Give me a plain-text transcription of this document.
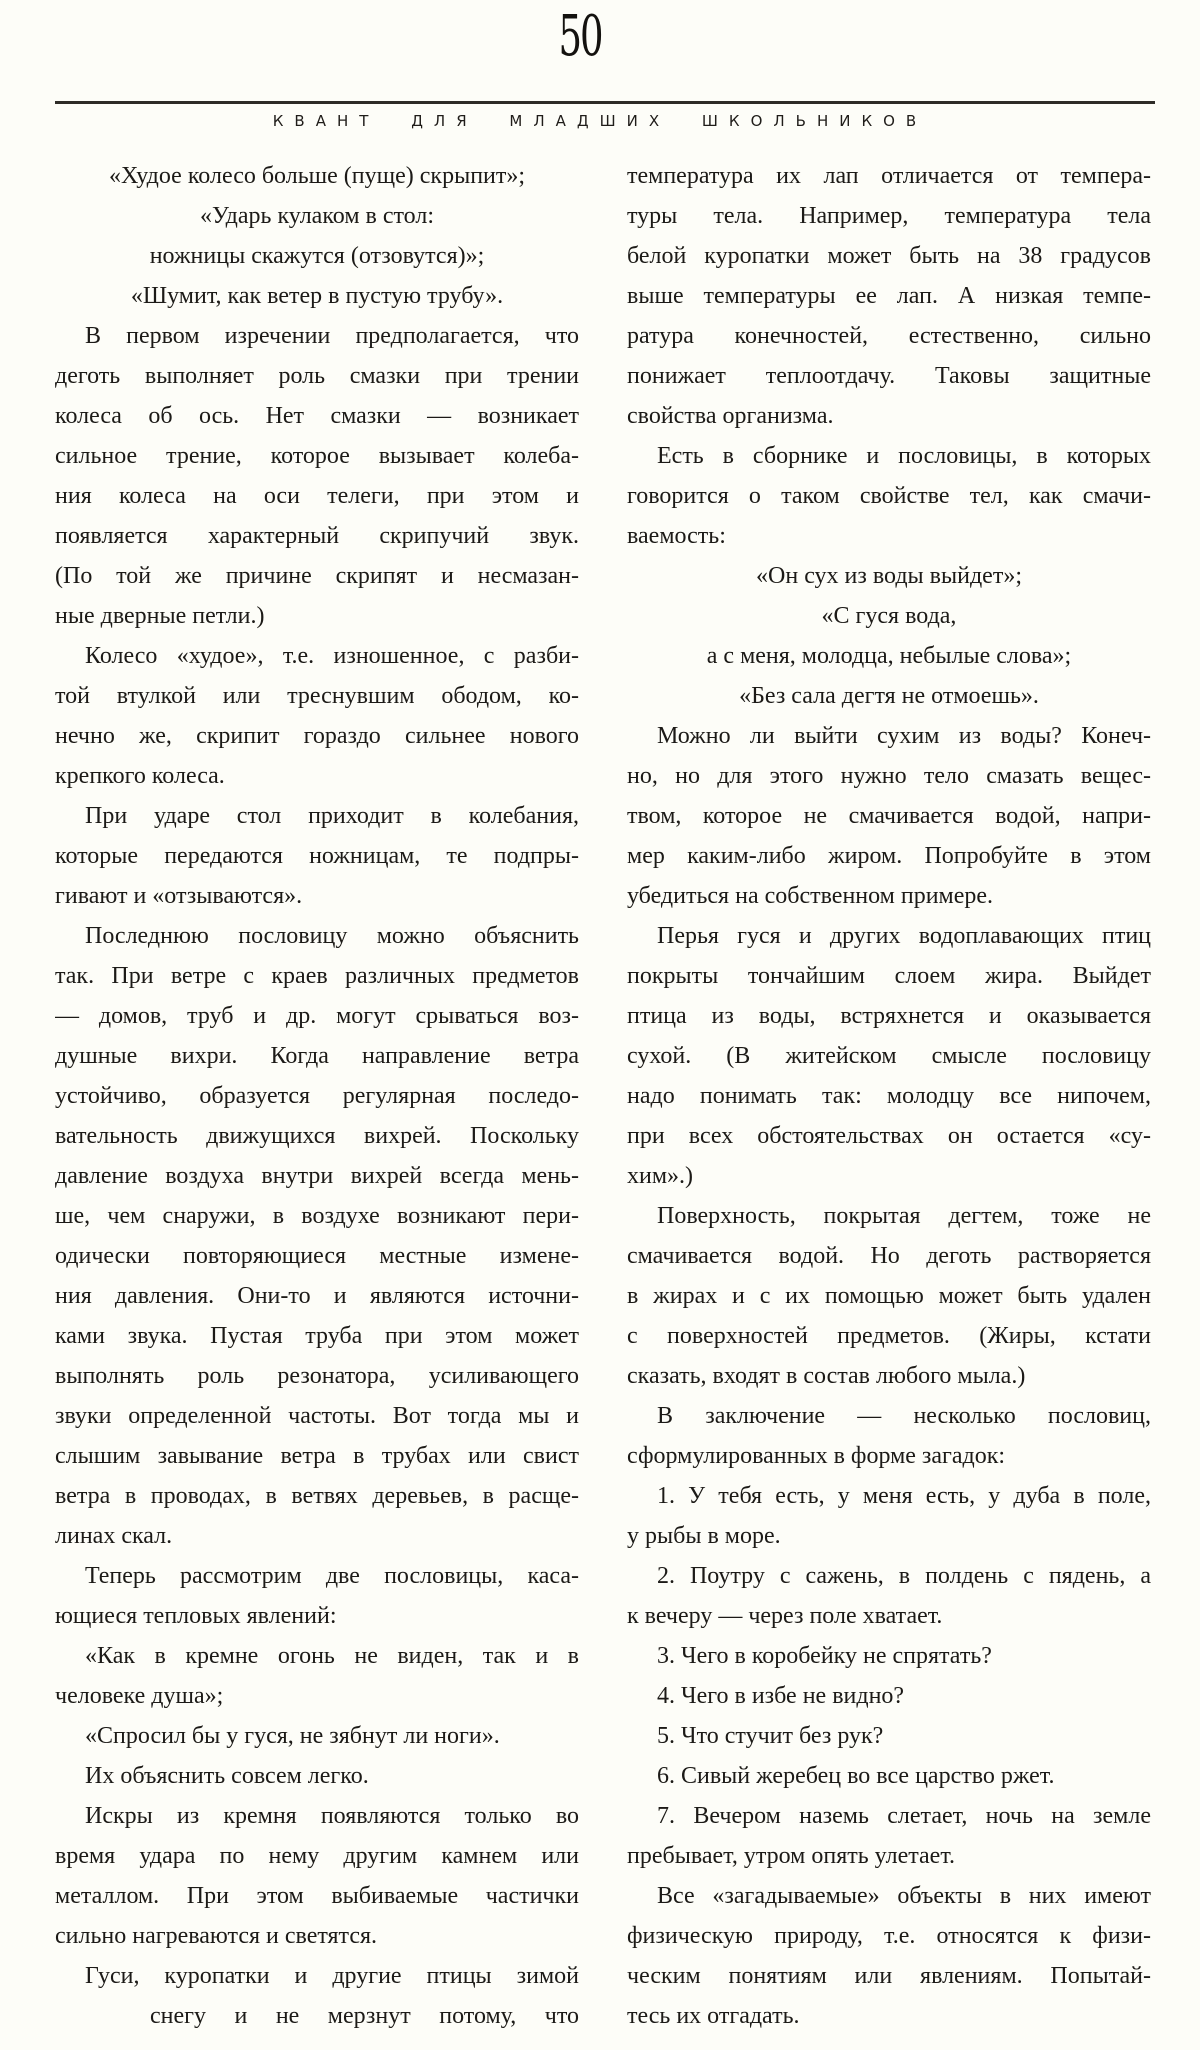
50
КВАНТ ДЛЯ МЛАДШИХ ШКОЛЬНИКОВ
«Худое колесо больше (пуще) скрыпит»;
«Ударь кулаком в стол:
ножницы скажутся (отзовутся)»;
«Шумит, как ветер в пустую трубу».
В первом изречении предполагается, что
деготь выполняет роль смазки при трении
колеса об ось. Нет смазки — возникает
сильное трение, которое вызывает колеба-
ния колеса на оси телеги, при этом и
появляется характерный скрипучий звук.
(По той же причине скрипят и несмазан-
ные дверные петли.)
Колесо «худое», т.е. изношенное, с разби-
той втулкой или треснувшим ободом, ко-
нечно же, скрипит гораздо сильнее нового
крепкого колеса.
При ударе стол приходит в колебания,
которые передаются ножницам, те подпры-
гивают и «отзываются».
Последнюю пословицу можно объяснить
так. При ветре с краев различных предметов
— домов, труб и др. могут срываться воз-
душные вихри. Когда направление ветра
устойчиво, образуется регулярная последо-
вательность движущихся вихрей. Поскольку
давление воздуха внутри вихрей всегда мень-
ше, чем снаружи, в воздухе возникают пери-
одически повторяющиеся местные измене-
ния давления. Они-то и являются источни-
ками звука. Пустая труба при этом может
выполнять роль резонатора, усиливающего
звуки определенной частоты. Вот тогда мы и
слышим завывание ветра в трубах или свист
ветра в проводах, в ветвях деревьев, в расще-
линах скал.
Теперь рассмотрим две пословицы, каса-
ющиеся тепловых явлений:
«Как в кремне огонь не виден, так и в
человеке душа»;
«Спросил бы у гуся, не зябнут ли ноги».
Их объяснить совсем легко.
Искры из кремня появляются только во
время удара по нему другим камнем или
металлом. При этом выбиваемые частички
сильно нагреваются и светятся.
Гуси, куропатки и другие птицы зимой
снегу и не мерзнут потому, что
температура их лап отличается от темпера-
туры тела. Например, температура тела
белой куропатки может быть на 38 градусов
выше температуры ее лап. А низкая темпе-
ратура конечностей, естественно, сильно
понижает теплоотдачу. Таковы защитные
свойства организма.
Есть в сборнике и пословицы, в которых
говорится о таком свойстве тел, как смачи-
ваемость:
«Он сух из воды выйдет»;
«С гуся вода,
а с меня, молодца, небылые слова»;
«Без сала дегтя не отмоешь».
Можно ли выйти сухим из воды? Конеч-
но, но для этого нужно тело смазать вещес-
твом, которое не смачивается водой, напри-
мер каким-либо жиром. Попробуйте в этом
убедиться на собственном примере.
Перья гуся и других водоплавающих птиц
покрыты тончайшим слоем жира. Выйдет
птица из воды, встряхнется и оказывается
сухой. (В житейском смысле пословицу
надо понимать так: молодцу все нипочем,
при всех обстоятельствах он остается «су-
хим».)
Поверхность, покрытая дегтем, тоже не
смачивается водой. Но деготь растворяется
в жирах и с их помощью может быть удален
с поверхностей предметов. (Жиры, кстати
сказать, входят в состав любого мыла.)
В заключение — несколько пословиц,
сформулированных в форме загадок:
1. У тебя есть, у меня есть, у дуба в поле,
у рыбы в море.
2. Поутру с сажень, в полдень с пядень, а
к вечеру — через поле хватает.
3. Чего в коробейку не спрятать?
4. Чего в избе не видно?
5. Что стучит без рук?
6. Сивый жеребец во все царство ржет.
7. Вечером наземь слетает, ночь на земле
пребывает, утром опять улетает.
Все «загадываемые» объекты в них имеют
физическую природу, т.е. относятся к физи-
ческим понятиям или явлениям. Попытай-
тесь их отгадать.
